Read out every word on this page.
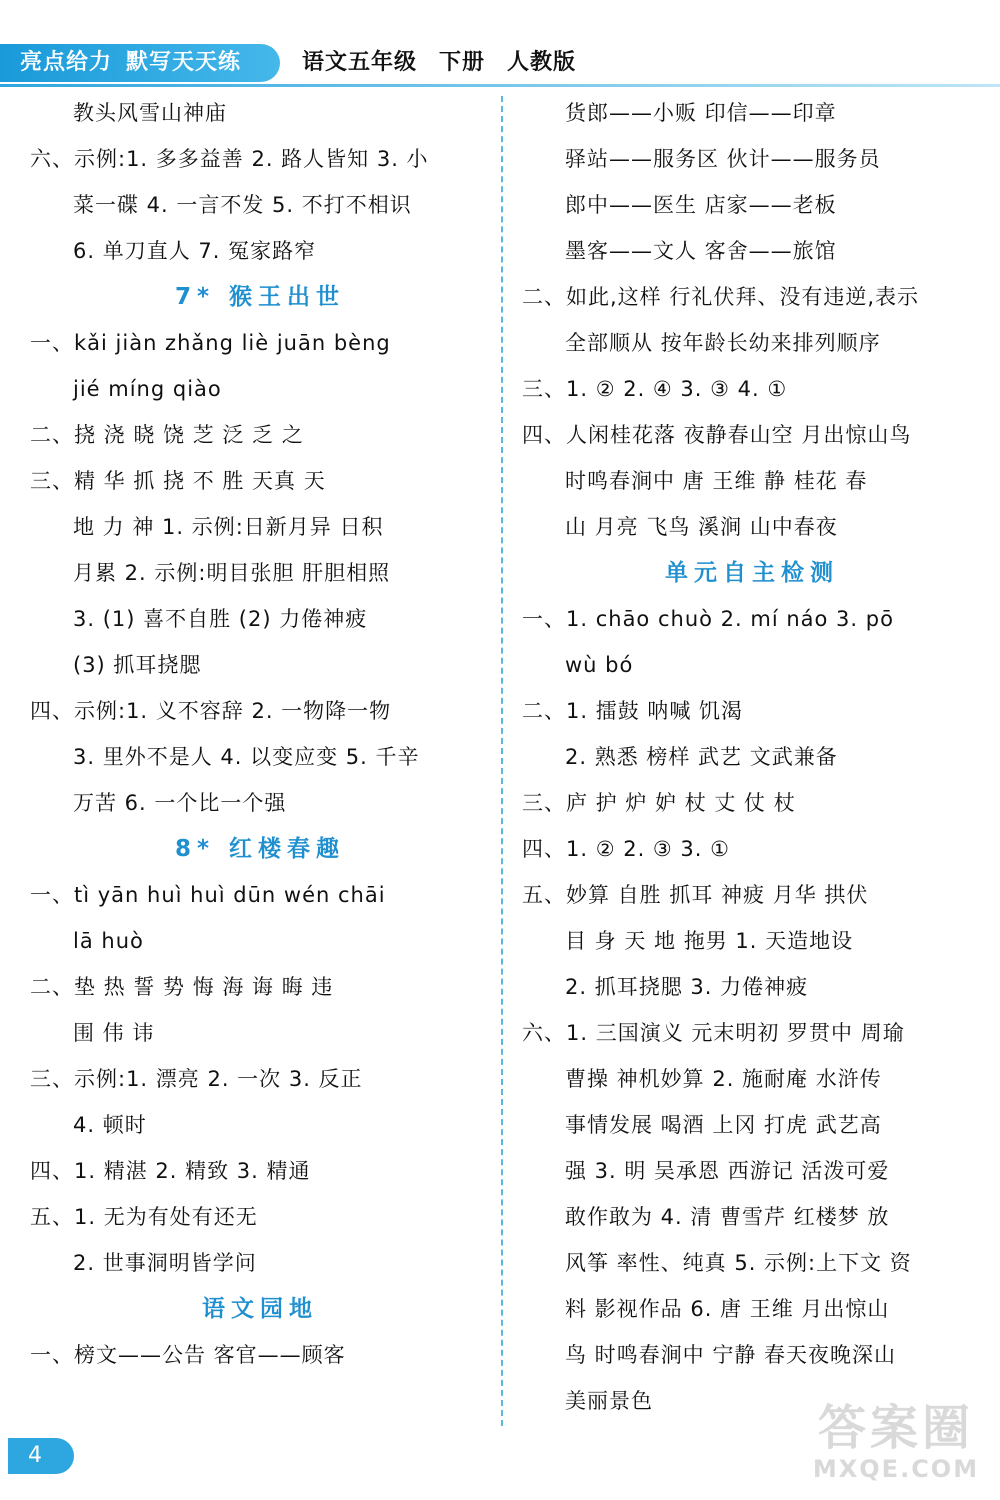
亮点给力 默写天天练	语文五年级 下册 人教版
教头风雪山神庙
六、示例:1. 多多益善 2. 路人皆知 3. 小
菜一碟 4. 一言不发 5. 不打不相识
6. 单刀直人 7. 冤家路窄
7* 猴王出世
一、kǎi jiàn zhǎng liè juān bèng
jié míng qiào
二、挠 浇 晓 饶 芝 泛 乏 之
三、精 华 抓 挠 不 胜 天真 天
地 力 神 1. 示例:日新月异 日积
月累 2. 示例:明目张胆 肝胆相照
3. (1) 喜不自胜 (2) 力倦神疲
(3) 抓耳挠腮
四、示例:1. 义不容辞 2. 一物降一物
3. 里外不是人 4. 以变应变 5. 千辛
万苦 6. 一个比一个强
8* 红楼春趣
一、tì yān huì huì dūn wén chāi
lā huò
二、垫 热 誓 势 悔 海 诲 晦 违
围 伟 讳
三、示例:1. 漂亮 2. 一次 3. 反正
4. 顿时
四、1. 精湛 2. 精致 3. 精通
五、1. 无为有处有还无
2. 世事洞明皆学问
语文园地
一、榜文——公告 客官——顾客
货郎——小贩 印信——印章
驿站——服务区 伙计——服务员
郎中——医生 店家——老板
墨客——文人 客舍——旅馆
二、如此,这样 行礼伏拜、没有违逆,表示
全部顺从 按年龄长幼来排列顺序
三、1. ② 2. ④ 3. ③ 4. ①
四、人闲桂花落 夜静春山空 月出惊山鸟
时鸣春涧中 唐 王维 静 桂花 春
山 月亮 飞鸟 溪涧 山中春夜
单元自主检测
一、1. chāo chuò 2. mí náo 3. pō
wù bó
二、1. 擂鼓 呐喊 饥渴
2. 熟悉 榜样 武艺 文武兼备
三、庐 护 炉 妒 杖 丈 仗 杖
四、1. ② 2. ③ 3. ①
五、妙算 自胜 抓耳 神疲 月华 拱伏
目 身 天 地 拖男 1. 天造地设
2. 抓耳挠腮 3. 力倦神疲
六、1. 三国演义 元末明初 罗贯中 周瑜
曹操 神机妙算 2. 施耐庵 水浒传
事情发展 喝酒 上冈 打虎 武艺高
强 3. 明 吴承恩 西游记 活泼可爱
敢作敢为 4. 清 曹雪芹 红楼梦 放
风筝 率性、纯真 5. 示例:上下文 资
料 影视作品 6. 唐 王维 月出惊山
鸟 时鸣春涧中 宁静 春天夜晚深山
美丽景色
4	答案圈
MXQE.COM
